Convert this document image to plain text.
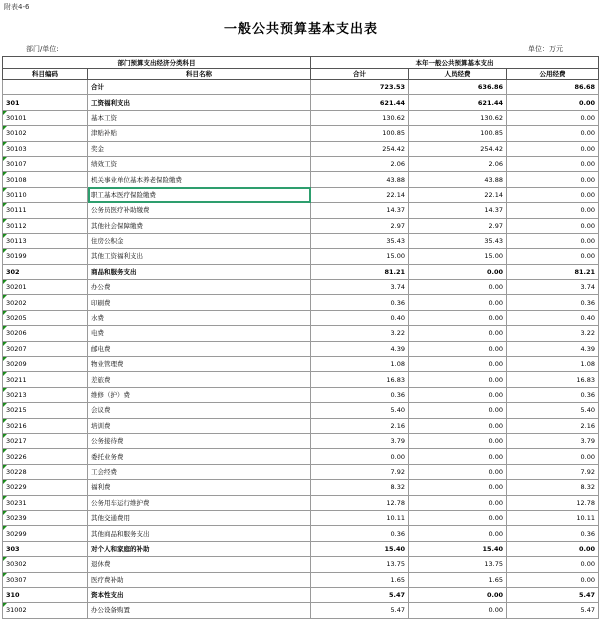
附表4-6
一般公共预算基本支出表
部门/单位:	单位：万元
部门预算支出经济分类科目		本年一般公共预算基本支出		
科目编码	科目名称	合计	人员经费	公用经费
	合计	723.53	636.86	86.68
301	工资福利支出	621.44	621.44	0.00
30101	基本工资	130.62	130.62	0.00
30102	津贴补贴	100.85	100.85	0.00
30103	奖金	254.42	254.42	0.00
30107	绩效工资	2.06	2.06	0.00
30108	机关事业单位基本养老保险缴费	43.88	43.88	0.00
30110	职工基本医疗保险缴费	22.14	22.14	0.00
30111	公务员医疗补助缴费	14.37	14.37	0.00
30112	其他社会保障缴费	2.97	2.97	0.00
30113	住房公积金	35.43	35.43	0.00
30199	其他工资福利支出	15.00	15.00	0.00
302	商品和服务支出	81.21	0.00	81.21
30201	办公费	3.74	0.00	3.74
30202	印刷费	0.36	0.00	0.36
30205	水费	0.40	0.00	0.40
30206	电费	3.22	0.00	3.22
30207	邮电费	4.39	0.00	4.39
30209	物业管理费	1.08	0.00	1.08
30211	差旅费	16.83	0.00	16.83
30213	维修（护）费	0.36	0.00	0.36
30215	会议费	5.40	0.00	5.40
30216	培训费	2.16	0.00	2.16
30217	公务接待费	3.79	0.00	3.79
30226	委托业务费	0.00	0.00	0.00
30228	工会经费	7.92	0.00	7.92
30229	福利费	8.32	0.00	8.32
30231	公务用车运行维护费	12.78	0.00	12.78
30239	其他交通费用	10.11	0.00	10.11
30299	其他商品和服务支出	0.36	0.00	0.36
303	对个人和家庭的补助	15.40	15.40	0.00
30302	退休费	13.75	13.75	0.00
30307	医疗费补助	1.65	1.65	0.00
310	资本性支出	5.47	0.00	5.47
31002	办公设备购置	5.47	0.00	5.47
